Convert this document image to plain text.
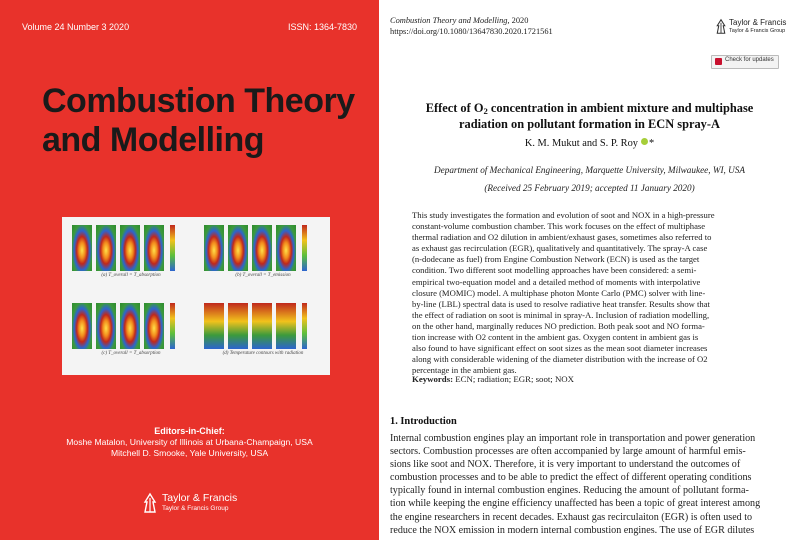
Volume 24 Number 3 2020	ISSN: 1364-7830
Combustion Theory
and Modelling
(a) T_overall = T_absorption	(b) T_overall = T_emission
(c) T_overall = T_absorption	(d) Temperature contours with radiation
Editors-in-Chief:
Moshe Matalon, University of Illinois at Urbana-Champaign, USA
Mitchell D. Smooke, Yale University, USA
Taylor & Francis
Taylor & Francis Group
Combustion Theory and Modelling, 2020
https://doi.org/10.1080/13647830.2020.1721561
Taylor & Francis
Taylor & Francis Group
Check for updates
Effect of $O_2$ concentration in ambient mixture and multiphase
radiation on pollutant formation in ECN spray-A
K. M. Mukut and S. P. Roy *
Department of Mechanical Engineering, Marquette University, Milwaukee, WI, USA
(Received 25 February 2019; accepted 11 January 2020)
This study investigates the formation and evolution of soot and NOX in a high-pressure
constant-volume combustion chamber. This work focuses on the effect of multiphase
thermal radiation and O2 dilution in ambient/exhaust gases, sometimes also referred to
as exhaust gas recirculation (EGR), qualitatively and quantitatively. The spray-A case
(n-dodecane as fuel) from Engine Combustion Network (ECN) is used as the target
condition. Two different soot modelling approaches have been considered: a semi-
empirical two-equation model and a detailed method of moments with interpolative
closure (MOMIC) model. A multiphase photon Monte Carlo (PMC) solver with line-
by-line (LBL) spectral data is used to resolve radiative heat transfer. Results show that
the effect of radiation on soot is minimal in spray-A. Inclusion of radiation modelling,
on the other hand, marginally reduces NO prediction. Both peak soot and NO forma-
tion increase with O2 content in the ambient gas. Oxygen content in ambient gas is
also found to have significant effect on soot sizes as the mean soot diameter increases
along with considerable widening of the diameter distribution with the increase of O2
percentage in the ambient gas.
Keywords: ECN; radiation; EGR; soot; NOX
1. Introduction
Internal combustion engines play an important role in transportation and power generation
sectors. Combustion processes are often accompanied by large amount of harmful emis-
sions like soot and NOX. Therefore, it is very important to understand the outcomes of
combustion processes and to be able to predict the effect of different operating conditions
typically found in internal combustion engines. Reducing the amount of pollutant forma-
tion while keeping the engine efficiency unaffected has been a topic of great interest among
the engine researchers in recent decades. Exhaust gas recirculaiton (EGR) is often used to
reduce the NOX emission in modern internal combustion engines. The use of EGR dilutes
